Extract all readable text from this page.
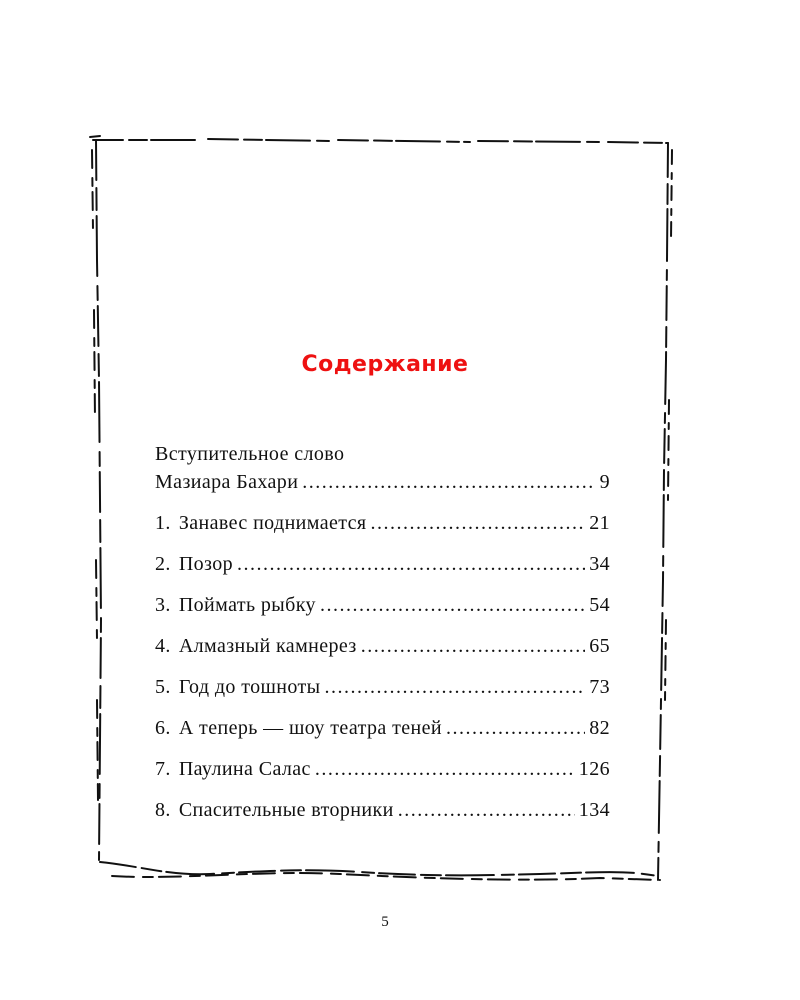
Содержание
Вступительное слово
Мазиара Бахари .....	9
1. Занавес поднимается .....	21
2. Позор .....	34
3. Поймать рыбку .....	54
4. Алмазный камнерез .....	65
5. Год до тошноты .....	73
6. А теперь — шоу театра теней .....	82
7. Паулина Салас .....	126
8. Спасительные вторники .....	134
5
